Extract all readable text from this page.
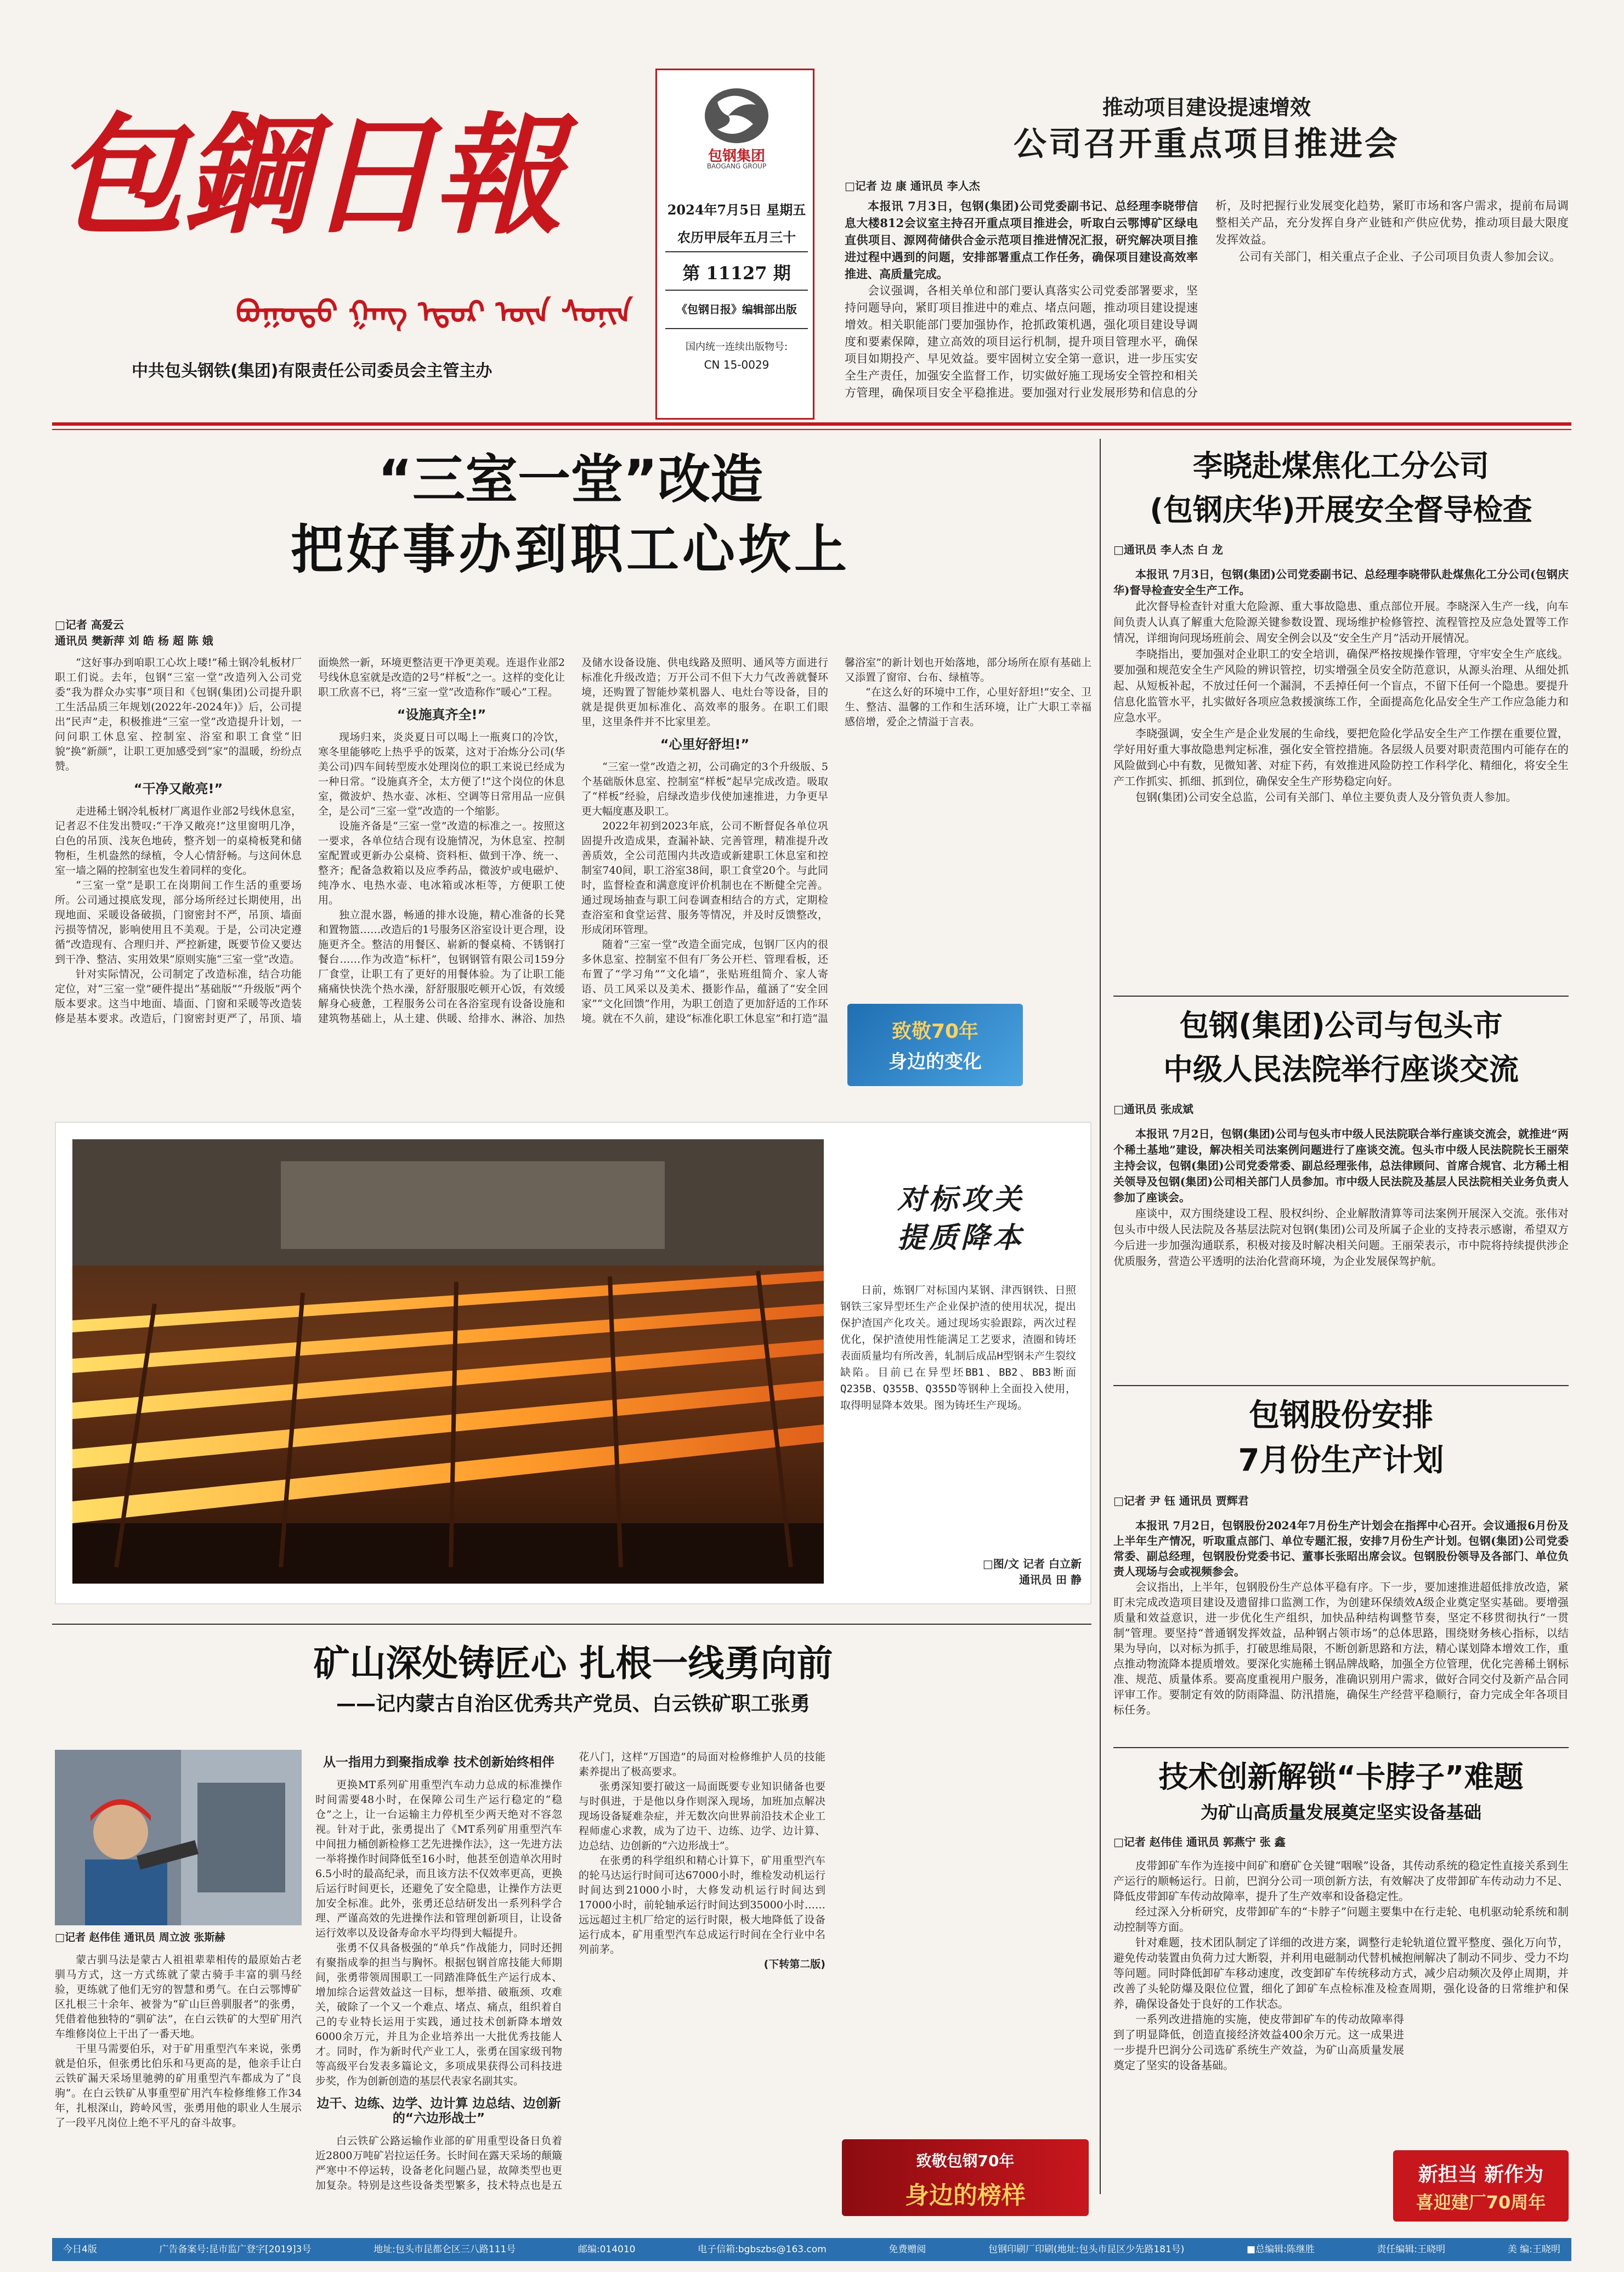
包鋼日報
ᠪᠤᠭᠤᠲᠤ ᠭᠠᠩ ᠡᠳᠦᠷ ᠦᠨ ᠰᠣᠨᠢᠨ
中共包头钢铁(集团)有限责任公司委员会主管主办
包钢集团
BAOGANG GROUP
2024年7月5日 星期五
农历甲辰年五月三十
第 11127 期
《包钢日报》编辑部出版
国内统一连续出版物号:
CN 15-0029
推动项目建设提速增效
公司召开重点项目推进会
□记者 边 康 通讯员 李人杰

本报讯 7月3日，包钢(集团)公司党委副书记、总经理李晓带信息大楼812会议室主持召开重点项目推进会，听取白云鄂博矿区绿电直供项目、源网荷储供合金示范项目推进情况汇报，研究解决项目推进过程中遇到的问题，安排部署重点工作任务，确保项目建设高效率推进、高质量完成。

会议强调，各相关单位和部门要认真落实公司党委部署要求，坚持问题导向，紧盯项目推进中的难点、堵点问题，推动项目建设提速增效。相关职能部门要加强协作，抢抓政策机遇，强化项目建设导调度和要素保障，建立高效的项目运行机制，提升项目管理水平，确保项目如期投产、早见效益。要牢固树立安全第一意识，进一步压实安全生产责任，加强安全监督工作，切实做好施工现场安全管控和相关方管理，确保项目安全平稳推进。要加强对行业发展形势和信息的分析，及时把握行业发展变化趋势，紧盯市场和客户需求，提前布局调整相关产品，充分发挥自身产业链和产供应优势，推动项目最大限度发挥效益。

公司有关部门，相关重点子企业、子公司项目负责人参加会议。

“三室一堂”改造
把好事办到职工心坎上
□记者 高爱云
通讯员 樊新萍 刘 皓 杨 超 陈 娥

“这好事办到咱职工心坎上喽!”稀土钢冷轧板材厂职工们说。去年，包钢“三室一堂”改造列入公司党委“我为群众办实事”项目和《包钢(集团)公司提升职工生活品质三年规划(2022年-2024年)》后，公司提出“民声”走，积极推进“三室一堂”改造提升计划，一问问职工休息室、控制室、浴室和职工食堂“旧貌”换“新颜”，让职工更加感受到“家”的温暖，纷纷点赞。

“干净又敞亮!”

走进稀土钢冷轧板材厂离退作业部2号线休息室，记者忍不住发出赞叹:“干净又敞亮!”这里窗明几净，白色的吊顶、浅灰色地砖，整齐划一的桌椅板凳和储物柜，生机盎然的绿植，令人心情舒畅。与这间休息室一墙之隔的控制室也发生着同样的变化。

“三室一堂”是职工在岗期间工作生活的重要场所。公司通过摸底发现，部分场所经过长期使用，出现地面、采暖设备破损，门窗密封不严，吊顶、墙面污损等情况，影响使用且不美观。于是，公司决定遵循“改造现有、合理归并、严控新建，既要节俭又要达到干净、整洁、实用效果”原则实施“三室一堂”改造。

针对实际情况，公司制定了改造标准，结合功能定位，对“三室一堂”硬件提出“基础版”“升级版”两个版本要求。这当中地面、墙面、门窗和采暖等改造装修是基本要求。改造后，门窗密封更严了，吊顶、墙面焕然一新，环境更整洁更干净更美观。连退作业部2号线休息室就是改造的2号“样板”之一。这样的变化让职工欣喜不已，将“三室一堂”改造称作“暖心”工程。

“设施真齐全!”

现场归来，炎炎夏日可以喝上一瓶爽口的冷饮，寒冬里能够吃上热乎乎的饭菜，这对于冶炼分公司(华美公司)四车间转型废水处理岗位的职工来说已经成为一种日常。“设施真齐全，太方便了!”这个岗位的休息室，微波炉、热水壶、冰柜、空调等日常用品一应俱全，是公司“三室一堂”改造的一个缩影。

设施齐备是“三室一堂”改造的标准之一。按照这一要求，各单位结合现有设施情况，为休息室、控制室配置或更新办公桌椅、资料柜、做到干净、统一、整齐；配备急救箱以及应季药品，微波炉或电磁炉、纯净水、电热水壶、电冰箱或冰柜等，方便职工使用。

独立混水器，畅通的排水设施，精心准备的长凳和置物篮……改造后的1号服务区浴室设计更合理，设施更齐全。整洁的用餐区、崭新的餐桌椅、不锈钢打餐台……作为改造“标杆”，包钢钢管有限公司159分厂食堂，让职工有了更好的用餐体验。为了让职工能痛痛快快洗个热水澡，舒舒服服吃顿开心饭，有效缓解身心疲惫，工程服务公司在各浴室现有设备设施和建筑物基础上，从土建、供暖、给排水、淋浴、加热及储水设备设施、供电线路及照明、通风等方面进行标准化升级改造；万开公司不但下大力气改善就餐环境，还购置了智能炒菜机器人、电灶台等设备，目的就是提供更加标准化、高效率的服务。在职工们眼里，这里条件并不比家里差。

“心里好舒坦!”

“三室一堂”改造之初，公司确定的3个升级版、5个基础版休息室、控制室“样板”起早完成改造。吸取了“样板”经验，启绿改造步伐使加速推进，力争更早更大幅度惠及职工。

2022年初到2023年底，公司不断督促各单位巩固提升改造成果，查漏补缺、完善管理，精准提升改善质效，全公司范围内共改造或新建职工休息室和控制室740间，职工浴室38间，职工食堂20个。与此同时，监督检查和满意度评价机制也在不断健全完善。通过现场抽查与职工问卷调查相结合的方式，定期检查浴室和食堂运营、服务等情况，并及时反馈整改，形成闭环管理。

随着“三室一堂”改造全面完成，包钢厂区内的很多休息室、控制室不但有厂务公开栏、管理看板，还布置了“学习角”“文化墙”，张贴班组简介、家人寄语、员工风采以及美术、摄影作品，蕴涵了“安全回家”“文化回馈”作用，为职工创造了更加舒适的工作环境。就在不久前，建设“标准化职工休息室”和打造“温馨浴室”的新计划也开始落地，部分场所在原有基础上又添置了窗帘、台布、绿植等。

“在这么好的环境中工作，心里好舒坦!”安全、卫生、整洁、温馨的工作和生活环境，让广大职工幸福感倍增，爱企之情溢于言表。

致敬70年
身边的变化
对标攻关
提质降本

日前，炼钢厂对标国内某钢、津西钢铁、日照钢铁三家异型坯生产企业保护渣的使用状况，提出保护渣国产化攻关。通过现场实验跟踪，两次过程优化，保护渣使用性能满足工艺要求，渣圈和铸坯表面质量均有所改善，轧制后成品H型钢未产生裂纹缺陷。目前已在异型坯BB1、BB2、BB3断面Q235B、Q355B、Q355D等钢种上全面投入使用，取得明显降本效果。图为铸坯生产现场。

□图/文 记者 白立新
通讯员 田 静
李晓赴煤焦化工分公司
(包钢庆华)开展安全督导检查
□通讯员 李人杰 白 龙

本报讯 7月3日，包钢(集团)公司党委副书记、总经理李晓带队赴煤焦化工分公司(包钢庆华)督导检查安全生产工作。

此次督导检查针对重大危险源、重大事故隐患、重点部位开展。李晓深入生产一线，向车间负责人认真了解重大危险源关键参数设置、现场维护检修管控、流程管控及应急处置等工作情况，详细询问现场班前会、周安全例会以及“安全生产月”活动开展情况。

李晓指出，要加强对企业职工的安全培训，确保严格按规操作管理，守牢安全生产底线。要加强和规范安全生产风险的辨识管控，切实增强全员安全防范意识，从源头治理、从细处抓起、从短板补起，不放过任何一个漏洞，不丢掉任何一个盲点，不留下任何一个隐患。要提升信息化监管水平，扎实做好各项应急救援演练工作，全面提高危化品安全生产工作应急能力和应急水平。

李晓强调，安全生产是企业发展的生命线，要把危险化学品安全生产工作摆在重要位置，学好用好重大事故隐患判定标准，强化安全管控措施。各层级人员要对职责范围内可能存在的风险做到心中有数，见微知著、对症下药，有效推进风险防控工作科学化、精细化，将安全生产工作抓实、抓细、抓到位，确保安全生产形势稳定向好。

包钢(集团)公司安全总监，公司有关部门、单位主要负责人及分管负责人参加。

包钢(集团)公司与包头市
中级人民法院举行座谈交流
□通讯员 张成斌

本报讯 7月2日，包钢(集团)公司与包头市中级人民法院联合举行座谈交流会，就推进“两个稀土基地”建设，解决相关司法案例问题进行了座谈交流。包头市中级人民法院院长王丽荣主持会议，包钢(集团)公司党委常委、副总经理张伟，总法律顾问、首席合规官、北方稀土相关领导及包钢(集团)公司相关部门人员参加。市中级人民法院及基层人民法院相关业务负责人参加了座谈会。

座谈中，双方围绕建设工程、股权纠纷、企业解散清算等司法案例开展深入交流。张伟对包头市中级人民法院及各基层法院对包钢(集团)公司及所属子企业的支持表示感谢，希望双方今后进一步加强沟通联系，积极对接及时解决相关问题。王丽荣表示，市中院将持续提供涉企优质服务，营造公平透明的法治化营商环境，为企业发展保驾护航。

包钢股份安排
7月份生产计划
□记者 尹 钰 通讯员 贾辉君

本报讯 7月2日，包钢股份2024年7月份生产计划会在指挥中心召开。会议通报6月份及上半年生产情况，听取重点部门、单位专题汇报，安排7月份生产计划。包钢(集团)公司党委常委、副总经理，包钢股份党委书记、董事长张昭出席会议。包钢股份领导及各部门、单位负责人现场与会或视频参会。

会议指出，上半年，包钢股份生产总体平稳有序。下一步，要加速推进超低排放改造，紧盯未完成改造项目建设及遗留排口监测工作，为创建环保绩效A级企业奠定坚实基础。要增强质量和效益意识，进一步优化生产组织，加快品种结构调整节奏，坚定不移贯彻执行“一贯制”管理。要坚持“普通钢发挥效益，品种钢占领市场”的总体思路，围绕财务核心指标，以结果为导向，以对标为抓手，打破思维局限，不断创新思路和方法，精心谋划降本增效工作，重点推动物流降本提质增效。要深化实施稀土钢品牌战略，加强全方位管理，优化完善稀土钢标准、规范、质量体系。要高度重视用户服务，准确识别用户需求，做好合同交付及新产品合同评审工作。要制定有效的防雨降温、防汛措施，确保生产经营平稳顺行，奋力完成全年各项目标任务。

技术创新解锁“卡脖子”难题
为矿山高质量发展奠定坚实设备基础
□记者 赵伟佳 通讯员 郭燕宁 张 鑫

皮带卸矿车作为连接中间矿和磨矿仓关键“咽喉”设备，其传动系统的稳定性直接关系到生产运行的顺畅运行。日前，巴润分公司一项创新方法，有效解决了皮带卸矿车传动动力不足、降低皮带卸矿车传动故障率，提升了生产效率和设备稳定性。

经过深入分析研究，皮带卸矿车的“卡脖子”问题主要集中在行走轮、电机驱动轮系统和制动控制等方面。

针对难题，技术团队制定了详细的改进方案，调整行走轮轨道位置平整度、强化万向节，避免传动装置由负荷力过大断裂，并利用电磁制动代替机械抱闸解决了制动不同步、受力不均等问题。同时降低卸矿车移动速度，改变卸矿车传统移动方式，减少启动频次及停止周期，并改善了头轮防爆及限位位置，细化了卸矿车点检标准及检查周期，强化设备的日常维护和保养，确保设备处于良好的工作状态。

一系列改进措施的实施，使皮带卸矿车的传动故障率得到了明显降低，创造直接经济效益400余万元。这一成果进一步提升巴润分公司选矿系统生产效益，为矿山高质量发展奠定了坚实的设备基础。

新担当 新作为
喜迎建厂70周年
矿山深处铸匠心 扎根一线勇向前
——记内蒙古自治区优秀共产党员、白云铁矿职工张勇
□记者 赵伟佳 通讯员 周立波 张斯赫

蒙古驯马法是蒙古人祖祖辈辈相传的最原始古老驯马方式，这一方式练就了蒙古骑手丰富的驯马经验，更练就了他们无穷的智慧和勇气。在白云鄂博矿区扎根三十余年、被誉为“矿山巨兽驯服者”的张勇，凭借着他独特的“驯矿法”，在白云铁矿的大型矿用汽车维修岗位上干出了一番天地。

干里马需要伯乐，对于矿用重型汽车来说，张勇就是伯乐，但张勇比伯乐和马更高的是，他亲手让白云铁矿漏天采场里驰骋的矿用重型汽车都成为了“良驹”。在白云铁矿从事重型矿用汽车检修维修工作34年，扎根深山，跨岭风雪，张勇用他的职业人生展示了一段平凡岗位上绝不平凡的奋斗故事。

从一指用力到聚指成拳 技术创新始终相伴

更换MT系列矿用重型汽车动力总成的标准操作时间需要48小时，在保障公司生产运行稳定的“稳仓”之上，让一台运输主力停机至少两天绝对不容忽视。针对于此，张勇提出了《MT系列矿用重型汽车中间扭力桶创新检修工艺先进操作法》，这一先进方法一举将操作时间降低至16小时，他甚至创造单次用时6.5小时的最高纪录，而且该方法不仅效率更高，更换后运行时间更长，还避免了安全隐患，让操作方法更加安全标准。此外，张勇还总结研发出一系列科学合理、严谨高效的先进操作法和管理创新项目，让设备运行效率以及设备寿命水平均得到大幅提升。

张勇不仅具备极强的“单兵”作战能力，同时还拥有聚指成拳的担当与胸怀。根据包钢首席技能大师期间，张勇带领周围职工一同踏准降低生产运行成本、增加综合运营效益这一目标，想举措、破瓶颈、攻难关，破除了一个又一个难点、堵点、痛点，组织着自己的专业特长运用于实践，通过技术创新降本增效6000余万元，并且为企业培养出一大批优秀技能人才。同时，作为新时代产业工人，张勇在国家级刊物等高级平台发表多篇论文，多项成果获得公司科技进步奖，作为创新创造的基层代表家名副其实。

边干、边练、边学、边计算 边总结、边创新的“六边形战士”

白云铁矿公路运输作业部的矿用重型设备日负着近2800万吨矿岩拉运任务。长时间在露天采场的颠簸严寒中不停运转，设备老化问题凸显，故障类型也更加复杂。特别是这些设备类型繁多，技术特点也是五花八门，这样“万国造”的局面对检修维护人员的技能素养提出了极高要求。

张勇深知要打破这一局面既要专业知识储备也要与时俱进，于是他以身作则深入现场，加班加点解决现场设备疑难杂症，并无数次向世界前沿技术企业工程师虚心求教，成为了边干、边练、边学、边计算、边总结、边创新的“六边形战士”。

在张勇的科学组织和精心计算下，矿用重型汽车的轮马达运行时间可达67000小时，维检发动机运行时间达到21000小时，大修发动机运行时间达到17000小时，前轮轴承运行时间达到35000小时……远远超过主机厂给定的运行时限，极大地降低了设备运行成本，矿用重型汽车总成运行时间在全行业中名列前茅。

(下转第二版)
致敬包钢70年
身边的榜样
今日4版	广告备案号:昆市监广登字[2019]3号	地址:包头市昆都仑区三八路111号	邮编:014010	电子信箱:bgbszbs@163.com	免费赠阅	包钢印刷厂印刷(地址:包头市昆区少先路181号)	■总编辑:陈继胜	责任编辑:王晓明	美 编:王晓明
